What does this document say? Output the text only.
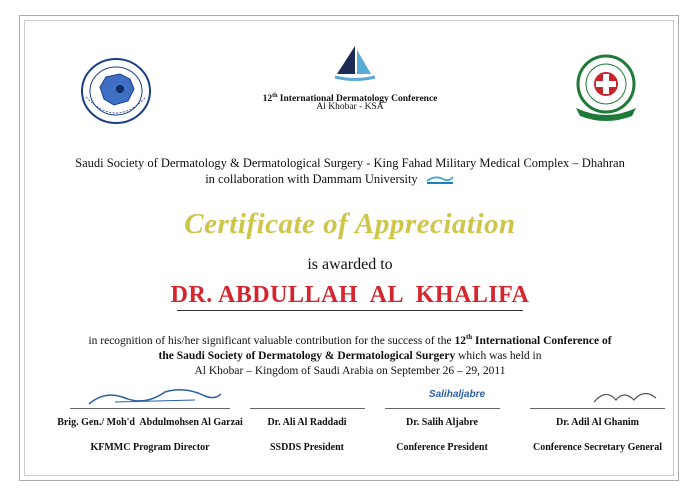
12th International Dermatology Conference
Al Khobar - KSA
Saudi Society of Dermatology & Dermatological Surgery - King Fahad Military Medical Complex – Dhahran
in collaboration with Dammam University
Certificate of Appreciation
is awarded to
DR. ABDULLAH  AL  KHALIFA
in recognition of his/her significant valuable contribution for the success of the 12th International Conference of
the Saudi Society of Dermatology & Dermatological Surgery which was held in
Al Khobar – Kingdom of Saudi Arabia on September 26 – 29, 2011
Salihaljabre
Brig. Gen./ Moh'd  Abdulmohsen Al Garzai
KFMMC Program Director
Dr. Ali Al Raddadi
SSDDS President
Dr. Salih Aljabre
Conference President
Dr. Adil Al Ghanim
Conference Secretary General
